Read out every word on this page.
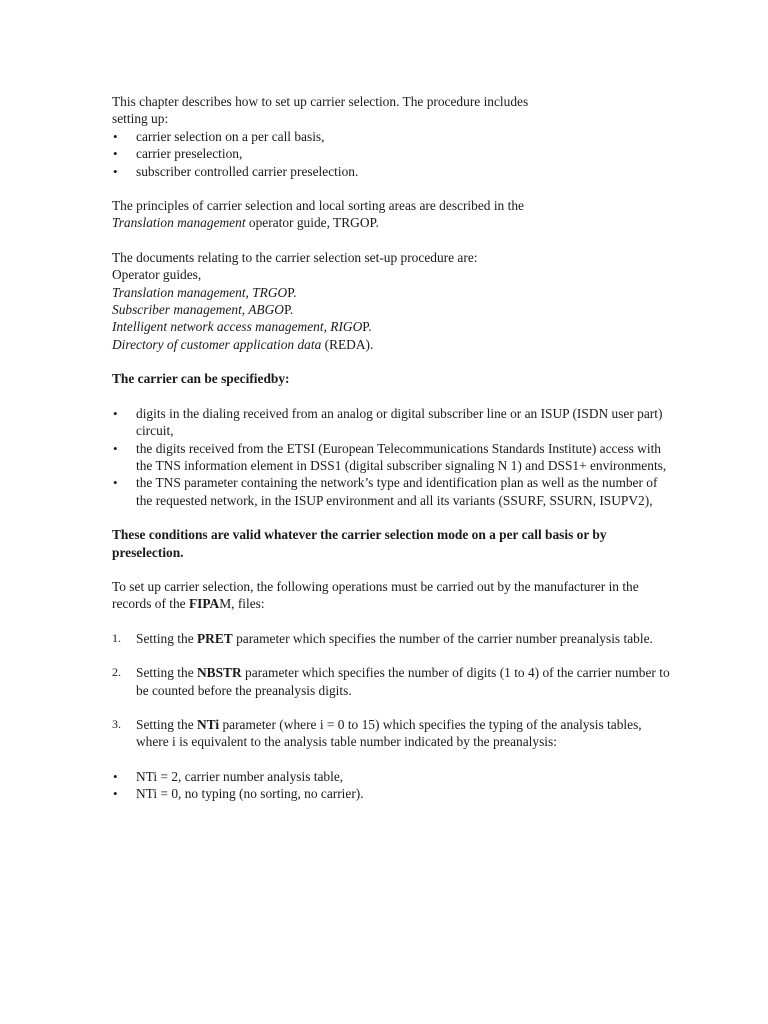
This chapter describes how to set up carrier selection. The procedure includes

setting up:

• carrier selection on a per call basis,
• carrier preselection,
• subscriber controlled carrier preselection.

The principles of carrier selection and local sorting areas are described in the
Translation management operator guide, TRGOP.

The documents relating to the carrier selection set-up procedure are:

Operator guides,

Translation management, TRGOP.

Subscriber management, ABGOP.

Intelligent network access management, RIGOP.

Directory of customer application data (REDA).

The carrier can be specifiedby:

• digits in the dialing received from an analog or digital subscriber line or an ISUP (ISDN user part) circuit,
• the digits received from the ETSI (European Telecommunications Standards Institute) access with the TNS information element in DSS1 (digital subscriber signaling N 1) and DSS1+ environments,
• the TNS parameter containing the network’s type and identification plan as well as the number of the requested network, in the ISUP environment and all its variants (SSURF, SSURN, ISUPV2),

These conditions are valid whatever the carrier selection mode on a per call basis or by preselection.

To set up carrier selection, the following operations must be carried out by the manufacturer in the records of the FIPAM, files:

1. Setting the PRET parameter which specifies the number of the carrier number preanalysis table.
2. Setting the NBSTR parameter which specifies the number of digits (1 to 4) of the carrier number to be counted before the preanalysis digits.
3. Setting the NTi parameter (where i = 0 to 15) which specifies the typing of the analysis tables, where i is equivalent to the analysis table number indicated by the preanalysis:
• NTi = 2, carrier number analysis table,
• NTi = 0, no typing (no sorting, no carrier).
